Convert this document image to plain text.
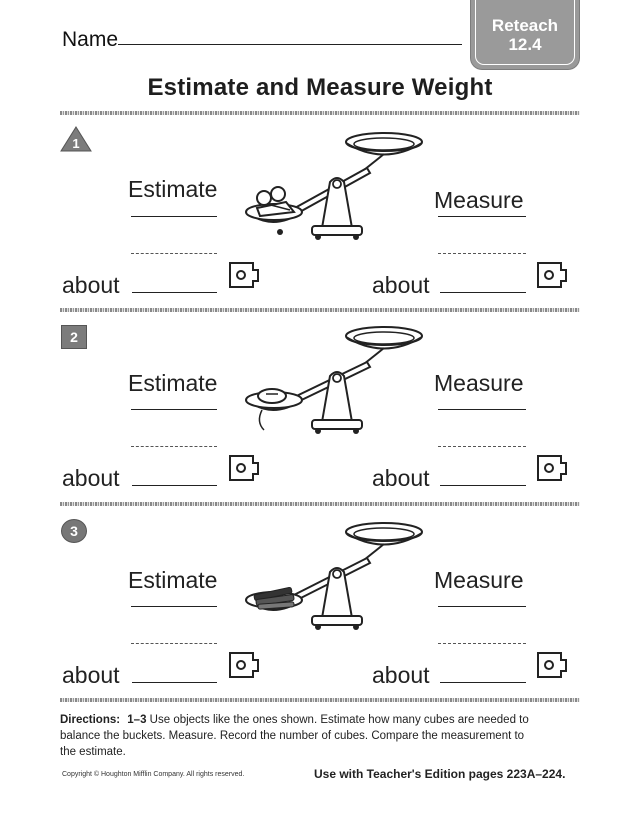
Name
Reteach
12.4
Estimate and Measure Weight
1
Estimate
about
Measure
about
2
Estimate
about
Measure
about
3
Estimate
about
Measure
about
Directions: 1–3 Use objects like the ones shown. Estimate how many cubes are needed to balance the buckets. Measure. Record the number of cubes. Compare the measurement to the estimate.
Copyright © Houghton Mifflin Company. All rights reserved.	Use with Teacher's Edition pages 223A–224.
